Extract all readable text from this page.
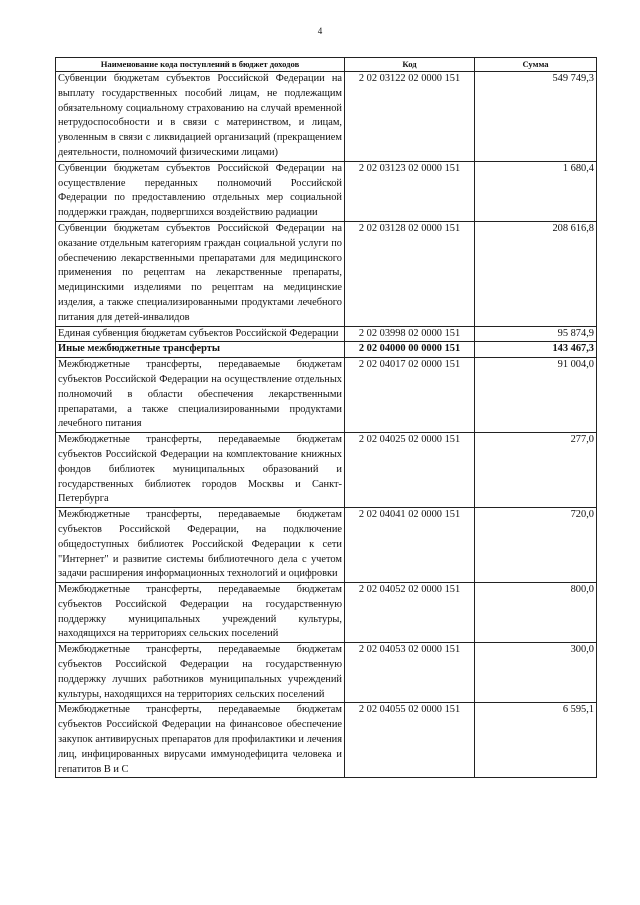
4
Наименование кода поступлений в бюджет доходов	Код	Сумма
Субвенции бюджетам субъектов Российской Федерации на выплату государственных пособий лицам, не подлежащим обязательному социальному страхованию на случай временной нетрудоспособности и в связи с материнством, и лицам, уволенным в связи с ликвидацией организаций (прекращением деятельности, полномочий физическими лицами)	2 02 03122 02 0000 151	549 749,3
Субвенции бюджетам субъектов Российской Федерации на осуществление переданных полномочий Российской Федерации по предоставлению отдельных мер социальной поддержки граждан, подвергшихся воздействию радиации	2 02 03123 02 0000 151	1 680,4
Субвенции бюджетам субъектов Российской Федерации на оказание отдельным категориям граждан социальной услуги по обеспечению лекарственными препаратами для медицинского применения по рецептам на лекарственные препараты, медицинскими изделиями по рецептам на медицинские изделия, а также специализированными продуктами лечебного питания для детей-инвалидов	2 02 03128 02 0000 151	208 616,8
Единая субвенция бюджетам субъектов Российской Федерации	2 02 03998 02 0000 151	95 874,9
Иные межбюджетные трансферты	2 02 04000 00 0000 151	143 467,3
Межбюджетные трансферты, передаваемые бюджетам субъектов Российской Федерации на осуществление отдельных полномочий в области обеспечения лекарственными препаратами, а также специализированными продуктами лечебного питания	2 02 04017 02 0000 151	91 004,0
Межбюджетные трансферты, передаваемые бюджетам субъектов Российской Федерации на комплектование книжных фондов библиотек муниципальных образований и государственных библиотек городов Москвы и Санкт-Петербурга	2 02 04025 02 0000 151	277,0
Межбюджетные трансферты, передаваемые бюджетам субъектов Российской Федерации, на подключение общедоступных библиотек Российской Федерации к сети "Интернет" и развитие системы библиотечного дела с учетом задачи расширения информационных технологий и оцифровки	2 02 04041 02 0000 151	720,0
Межбюджетные трансферты, передаваемые бюджетам субъектов Российской Федерации на государственную поддержку муниципальных учреждений культуры, находящихся на территориях сельских поселений	2 02 04052 02 0000 151	800,0
Межбюджетные трансферты, передаваемые бюджетам субъектов Российской Федерации на государственную поддержку лучших работников муниципальных учреждений культуры, находящихся на территориях сельских поселений	2 02 04053 02 0000 151	300,0
Межбюджетные трансферты, передаваемые бюджетам субъектов Российской Федерации на финансовое обеспечение закупок антивирусных препаратов для профилактики и лечения лиц, инфицированных вирусами иммунодефицита человека и гепатитов В и С	2 02 04055 02 0000 151	6 595,1
